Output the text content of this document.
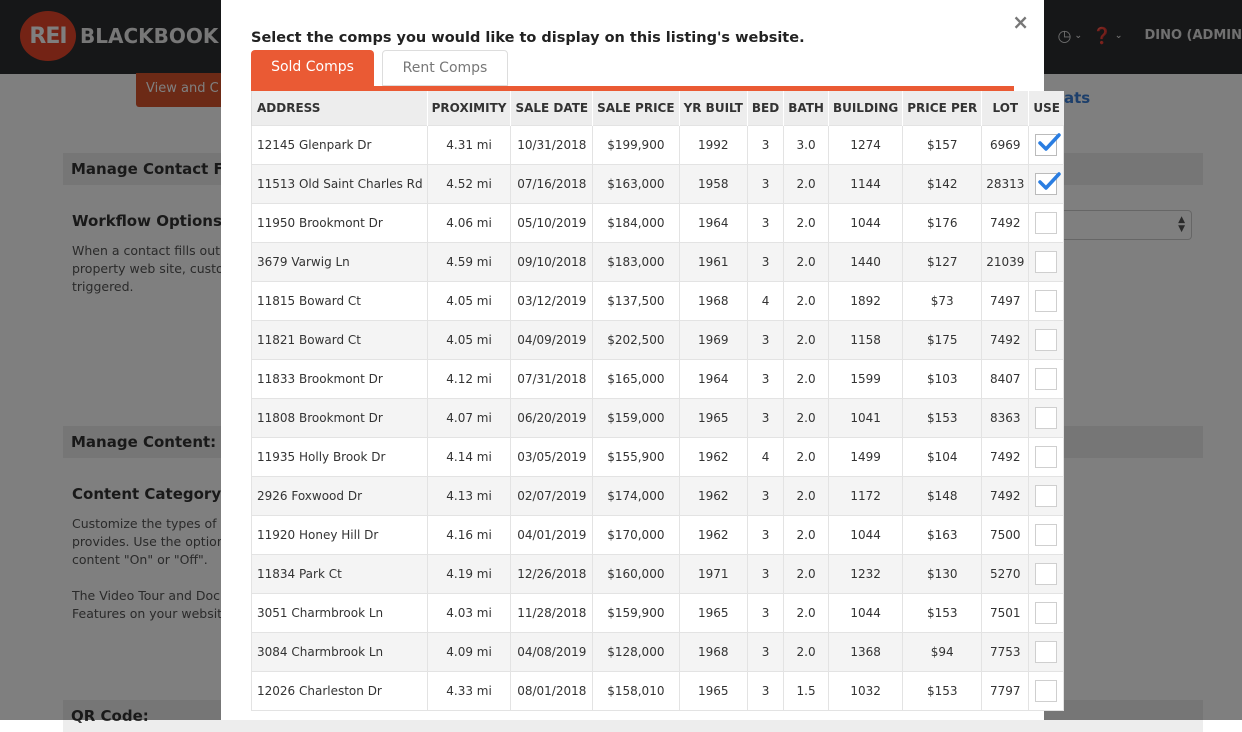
×
Select the comps you would like to display on this listing's website.
Sold Comps	Rent Comps
ADDRESS	PROXIMITY	SALE DATE	SALE PRICE	YR BUILT	BED	BATH	BUILDING	PRICE PER	LOT	USE
12145 Glenpark Dr	4.31 mi	10/31/2018	$199,900	1992	3	3.0	1274	$157	6969	

11513 Old Saint Charles Rd	4.52 mi	07/16/2018	$163,000	1958	3	2.0	1144	$142	28313	

11950 Brookmont Dr	4.06 mi	05/10/2019	$184,000	1964	3	2.0	1044	$176	7492	
3679 Varwig Ln	4.59 mi	09/10/2018	$183,000	1961	3	2.0	1440	$127	21039	
11815 Boward Ct	4.05 mi	03/12/2019	$137,500	1968	4	2.0	1892	$73	7497	
11821 Boward Ct	4.05 mi	04/09/2019	$202,500	1969	3	2.0	1158	$175	7492	
11833 Brookmont Dr	4.12 mi	07/31/2018	$165,000	1964	3	2.0	1599	$103	8407	
11808 Brookmont Dr	4.07 mi	06/20/2019	$159,000	1965	3	2.0	1041	$153	8363	
11935 Holly Brook Dr	4.14 mi	03/05/2019	$155,900	1962	4	2.0	1499	$104	7492	
2926 Foxwood Dr	4.13 mi	02/07/2019	$174,000	1962	3	2.0	1172	$148	7492	
11920 Honey Hill Dr	4.16 mi	04/01/2019	$170,000	1962	3	2.0	1044	$163	7500	
11834 Park Ct	4.19 mi	12/26/2018	$160,000	1971	3	2.0	1232	$130	5270	
3051 Charmbrook Ln	4.03 mi	11/28/2018	$159,900	1965	3	2.0	1044	$153	7501	
3084 Charmbrook Ln	4.09 mi	04/08/2019	$128,000	1968	3	2.0	1368	$94	7753	
12026 Charleston Dr	4.33 mi	08/01/2018	$158,010	1965	3	1.5	1032	$153	7797	
